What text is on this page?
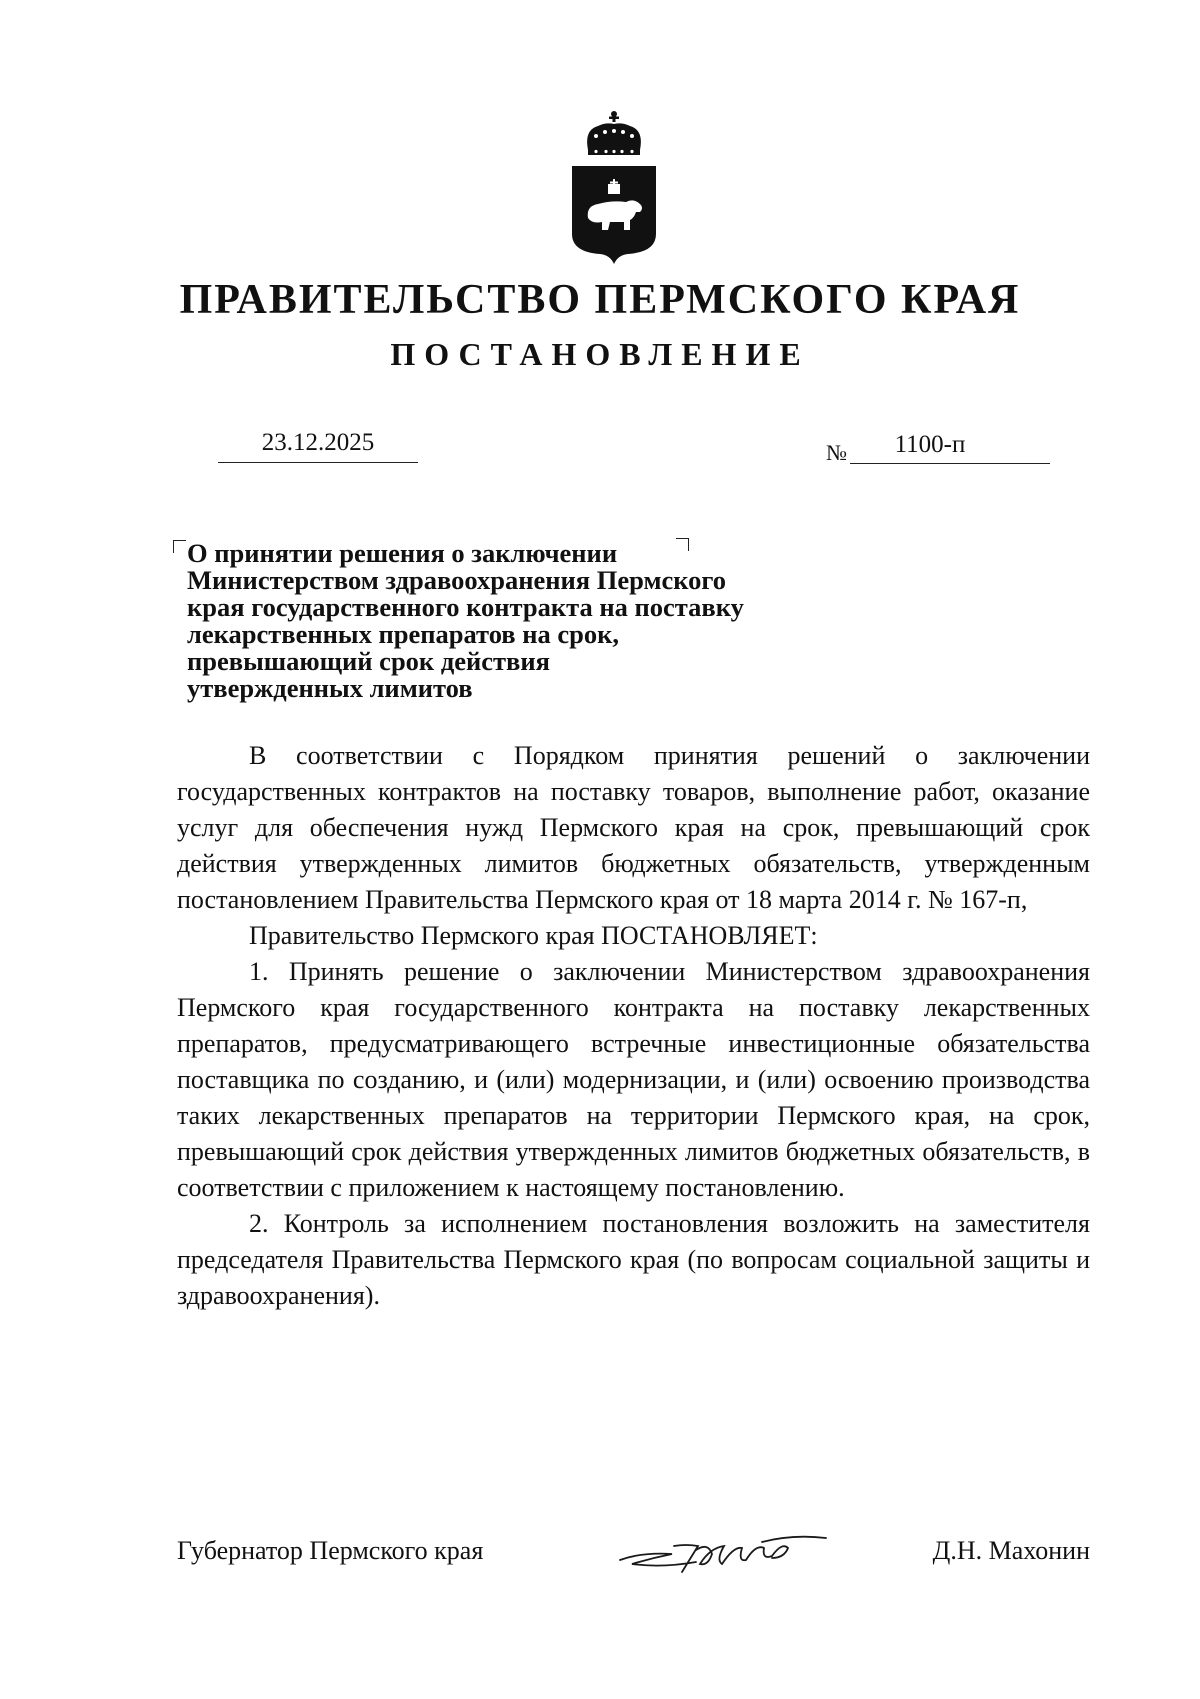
ПРАВИТЕЛЬСТВО ПЕРМСКОГО КРАЯ
ПОСТАНОВЛЕНИЕ
23.12.2025	№	1100-п
О принятии решения о заключении
Министерством здравоохранения Пермского
края государственного контракта на поставку
лекарственных препаратов на срок,
превышающий срок действия
утвержденных лимитов

В соответствии с Порядком принятия решений о заключении государственных контрактов на поставку товаров, выполнение работ, оказание услуг для обеспечения нужд Пермского края на срок, превышающий срок действия утвержденных лимитов бюджетных обязательств, утвержденным постановлением Правительства Пермского края от 18 марта 2014 г. № 167-п,

Правительство Пермского края ПОСТАНОВЛЯЕТ:

1. Принять решение о заключении Министерством здравоохранения Пермского края государственного контракта на поставку лекарственных препаратов, предусматривающего встречные инвестиционные обязательства поставщика по созданию, и (или) модернизации, и (или) освоению производства таких лекарственных препаратов на территории Пермского края, на срок, превышающий срок действия утвержденных лимитов бюджетных обязательств, в соответствии с приложением к настоящему постановлению.

2. Контроль за исполнением постановления возложить на заместителя председателя Правительства Пермского края (по вопросам социальной защиты и здравоохранения).

Губернатор Пермского края	Д.Н. Махонин
